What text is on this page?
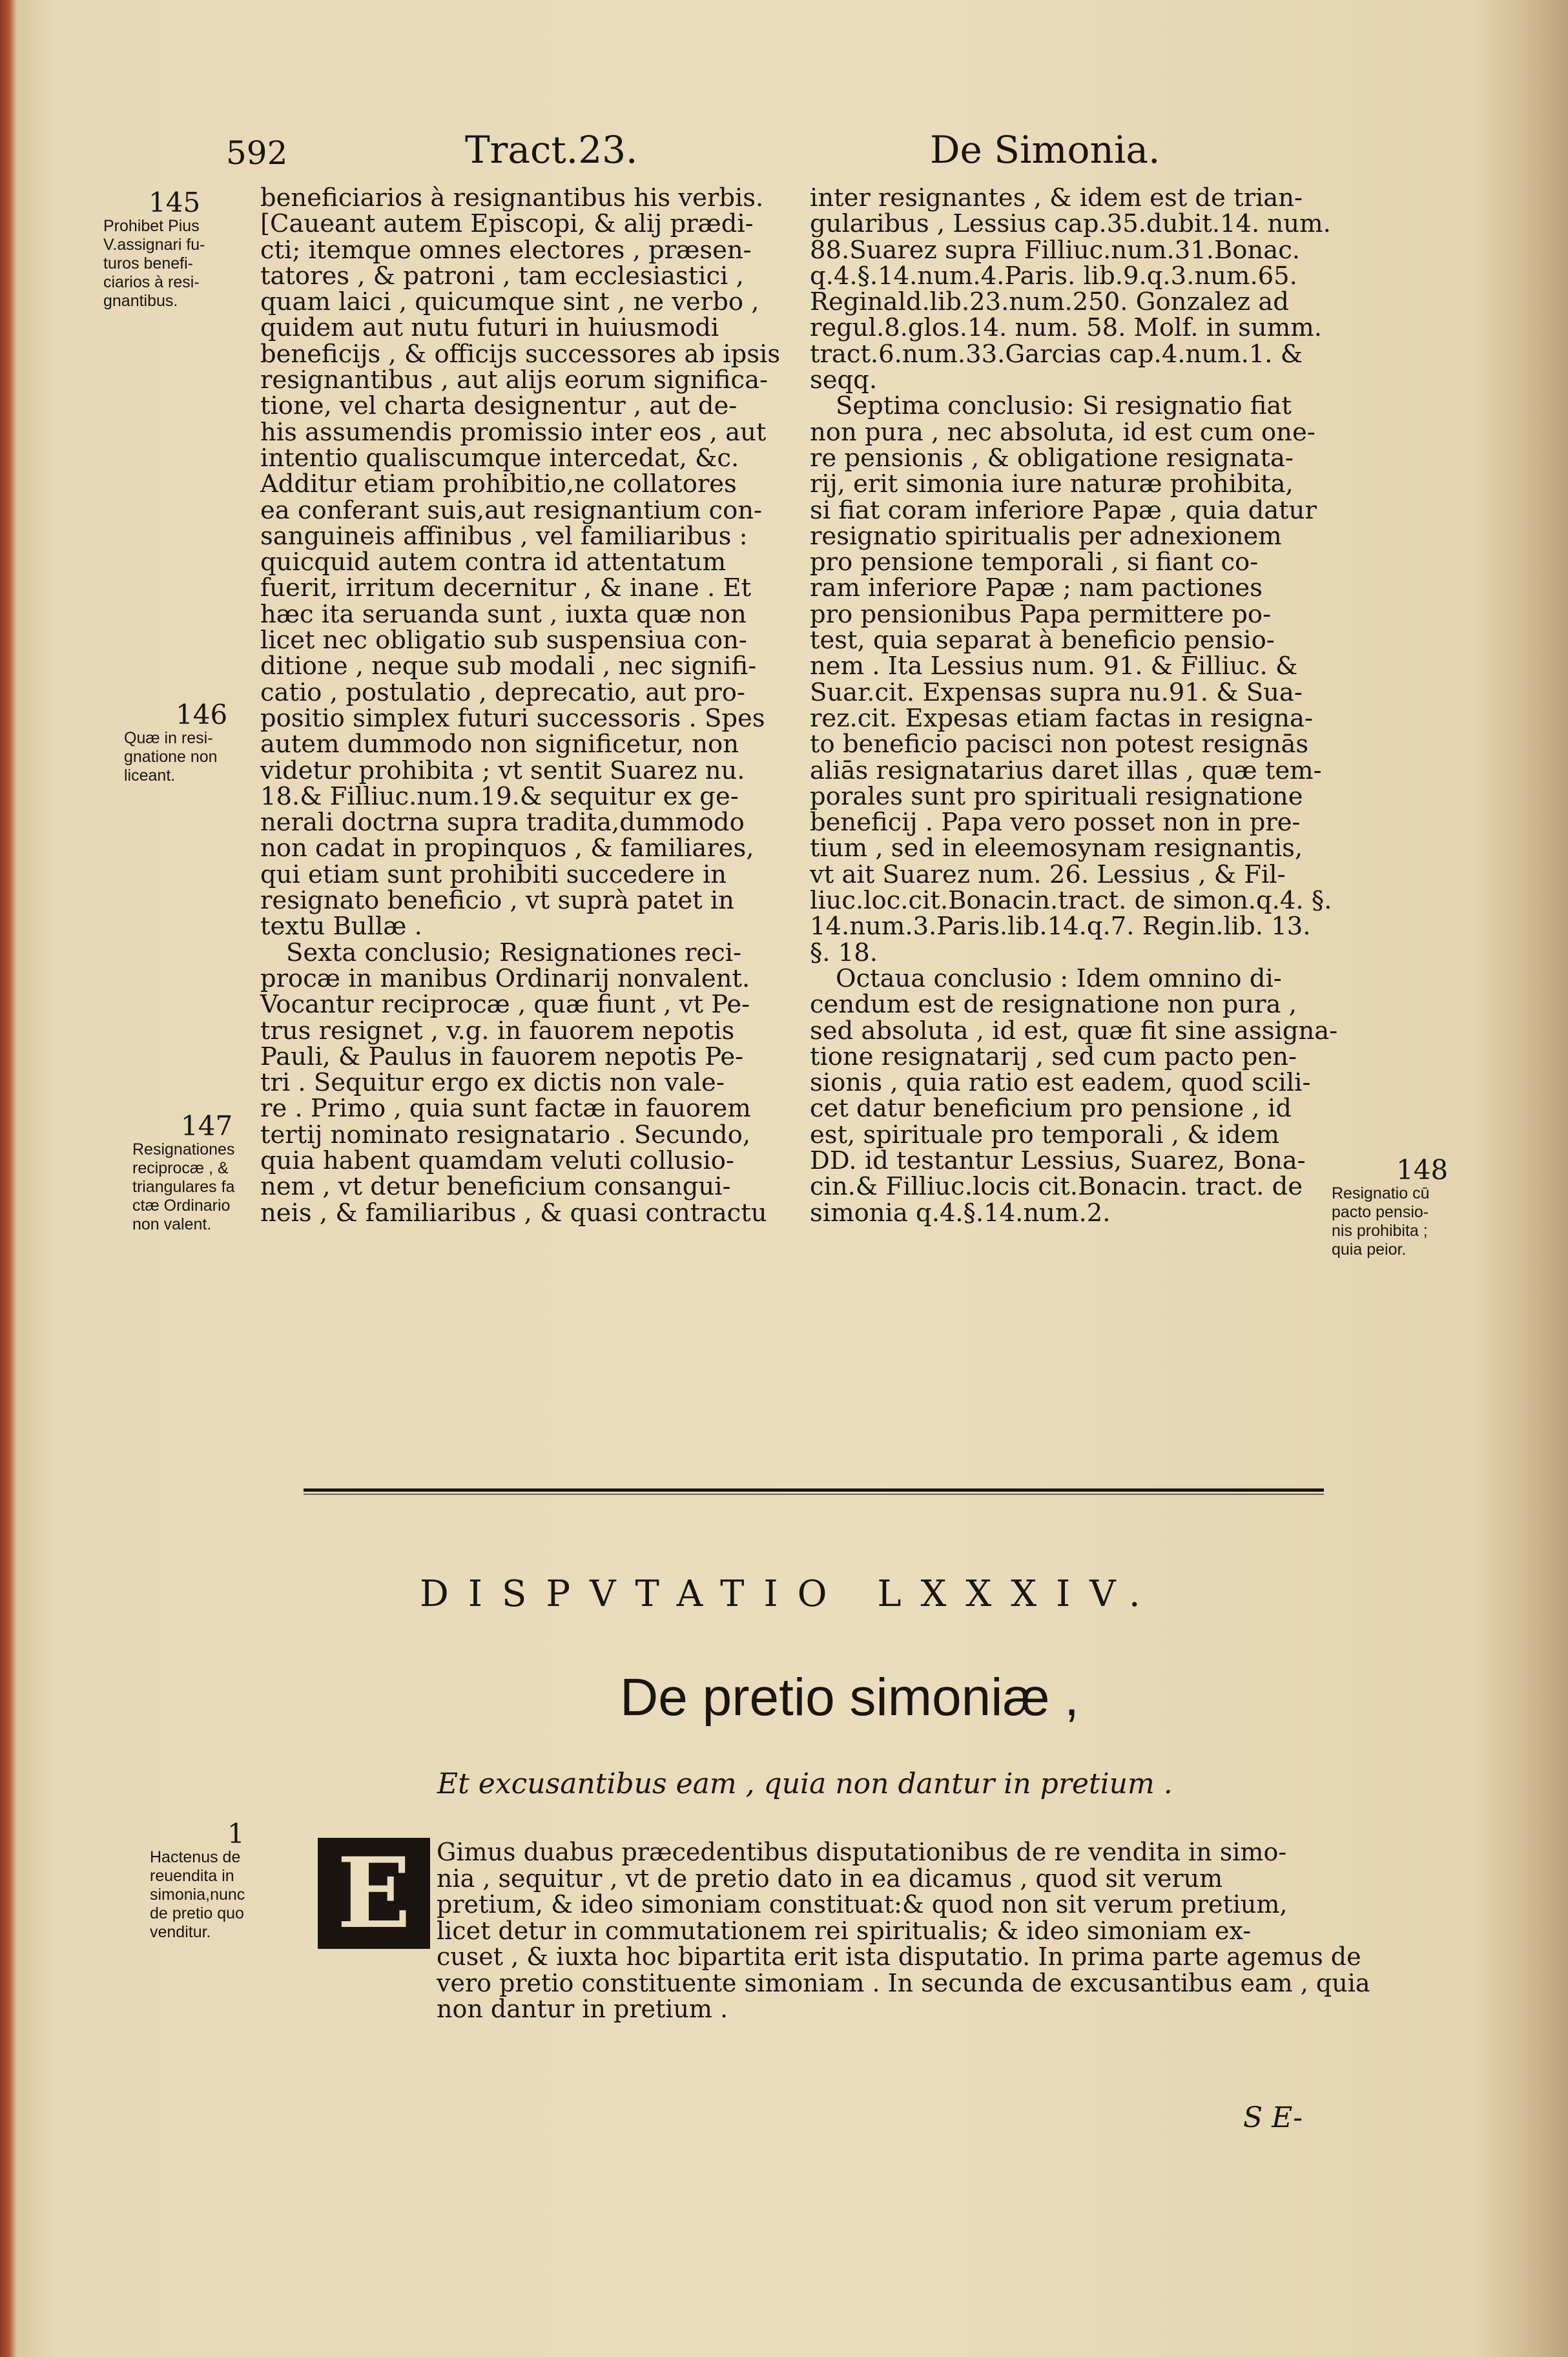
592	Tract.23.	De Simonia.
beneficiarios à resignantibus his verbis.
[Caueant autem Episcopi, & alij prædi-
cti; itemque omnes electores , præsen-
tatores , & patroni , tam ecclesiastici ,
quam laici , quicumque sint , ne verbo ,
quidem aut nutu futuri in huiusmodi
beneficijs , & officijs successores ab ipsis
resignantibus , aut alijs eorum significa-
tione, vel charta designentur , aut de-
his assumendis promissio inter eos , aut
intentio qualiscumque intercedat, &c.
Additur etiam prohibitio,ne collatores
ea conferant suis,aut resignantium con-
sanguineis affinibus , vel familiaribus :
quicquid autem contra id attentatum
fuerit, irritum decernitur , & inane . Et
hæc ita seruanda sunt , iuxta quæ non
licet nec obligatio sub suspensiua con-
ditione , neque sub modali , nec signifi-
catio , postulatio , deprecatio, aut pro-
positio simplex futuri successoris . Spes
autem dummodo non significetur, non
videtur prohibita ; vt sentit Suarez nu.
18.& Filliuc.num.19.& sequitur ex ge-
nerali doctrna supra tradita,dummodo
non cadat in propinquos , & familiares,
qui etiam sunt prohibiti succedere in
resignato beneficio , vt suprà patet in
textu Bullæ .
Sexta conclusio; Resignationes reci-
procæ in manibus Ordinarij nonvalent.
Vocantur reciprocæ , quæ fiunt , vt Pe-
trus resignet , v.g. in fauorem nepotis
Pauli, & Paulus in fauorem nepotis Pe-
tri . Sequitur ergo ex dictis non vale-
re . Primo , quia sunt factæ in fauorem
tertij nominato resignatario . Secundo,
quia habent quamdam veluti collusio-
nem , vt detur beneficium consangui-
neis , & familiaribus , & quasi contractu
inter resignantes , & idem est de trian-
gularibus , Lessius cap.35.dubit.14. num.
88.Suarez supra Filliuc.num.31.Bonac.
q.4.§.14.num.4.Paris. lib.9.q.3.num.65.
Reginald.lib.23.num.250. Gonzalez ad
regul.8.glos.14. num. 58. Molf. in summ.
tract.6.num.33.Garcias cap.4.num.1. &
seqq.
Septima conclusio: Si resignatio fiat
non pura , nec absoluta, id est cum one-
re pensionis , & obligatione resignata-
rij, erit simonia iure naturæ prohibita,
si fiat coram inferiore Papæ , quia datur
resignatio spiritualis per adnexionem
pro pensione temporali , si fiant co-
ram inferiore Papæ ; nam pactiones
pro pensionibus Papa permittere po-
test, quia separat à beneficio pensio-
nem . Ita Lessius num. 91. & Filliuc. &
Suar.cit. Expensas supra nu.91. & Sua-
rez.cit. Expesas etiam factas in resigna-
to beneficio pacisci non potest resignās
aliās resignatarius daret illas , quæ tem-
porales sunt pro spirituali resignatione
beneficij . Papa vero posset non in pre-
tium , sed in eleemosynam resignantis,
vt ait Suarez num. 26. Lessius , & Fil-
liuc.loc.cit.Bonacin.tract. de simon.q.4. §.
14.num.3.Paris.lib.14.q.7. Regin.lib. 13.
§. 18.
Octaua conclusio : Idem omnino di-
cendum est de resignatione non pura ,
sed absoluta , id est, quæ fit sine assigna-
tione resignatarij , sed cum pacto pen-
sionis , quia ratio est eadem, quod scili-
cet datur beneficium pro pensione , id
est, spirituale pro temporali , & idem
DD. id testantur Lessius, Suarez, Bona-
cin.& Filliuc.locis cit.Bonacin. tract. de
simonia q.4.§.14.num.2.
145
Prohibet Pius
V.assignari fu-
turos benefi-
ciarios à resi-
gnantibus.
146
Quæ in resi-
gnatione non
liceant.
147
Resignationes
reciprocæ , &
triangulares fa
ctæ Ordinario
non valent.
148
Resignatio cū
pacto pensio-
nis prohibita ;
quia peior.
1
Hactenus de
reuendita in
simonia,nunc
de pretio quo
venditur.
DISPVTATIO LXXXIV.
De pretio simoniæ ,
Et excusantibus eam , quia non dantur in pretium .
E	Gimus duabus præcedentibus disputationibus de re vendita in simo-
nia , sequitur , vt de pretio dato in ea dicamus , quod sit verum
pretium, & ideo simoniam constituat:& quod non sit verum pretium,
licet detur in commutationem rei spiritualis; & ideo simoniam ex-
cuset , & iuxta hoc bipartita erit ista disputatio. In prima parte agemus de
vero pretio constituente simoniam . In secunda de excusantibus eam , quia
non dantur in pretium .
S E-
